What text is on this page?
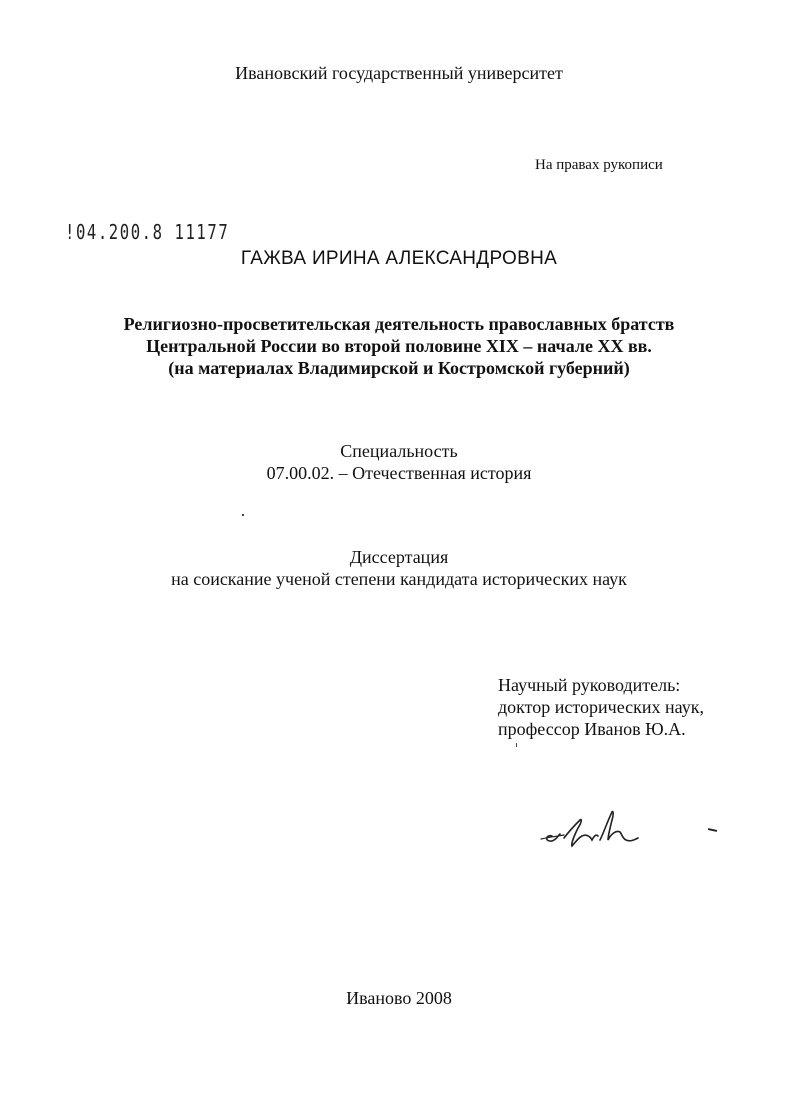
Ивановский государственный университет
На правах рукописи
!04.200.8 11177
ГАЖВА ИРИНА АЛЕКСАНДРОВНА
Религиозно-просветительская деятельность православных братств
Центральной России во второй половине XIX – начале XX вв.
(на материалах Владимирской и Костромской губерний)
Специальность
07.00.02. – Отечественная история
Диссертация
на соискание ученой степени кандидата исторических наук
Научный руководитель:
доктор исторических наук,
профессор Иванов Ю.А.
Иваново 2008
